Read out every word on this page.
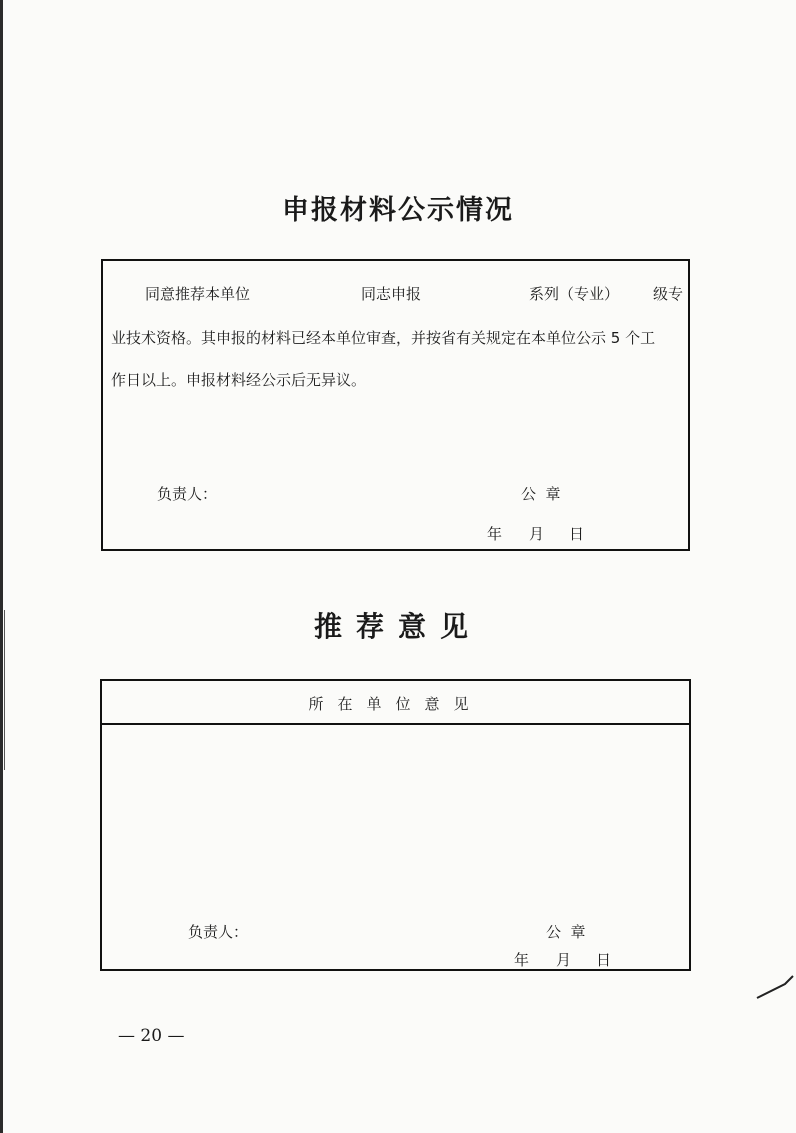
申报材料公示情况
同意推荐本单位	同志申报	系列（专业） 级专
业技术资格。其申报的材料已经本单位审查，并按省有关规定在本单位公示 5 个工
作日以上。申报材料经公示后无异议。
负责人：	公  章
年 月 日
推荐意见
所在单位意见
负责人：	公  章
年 月 日
— 20 —
